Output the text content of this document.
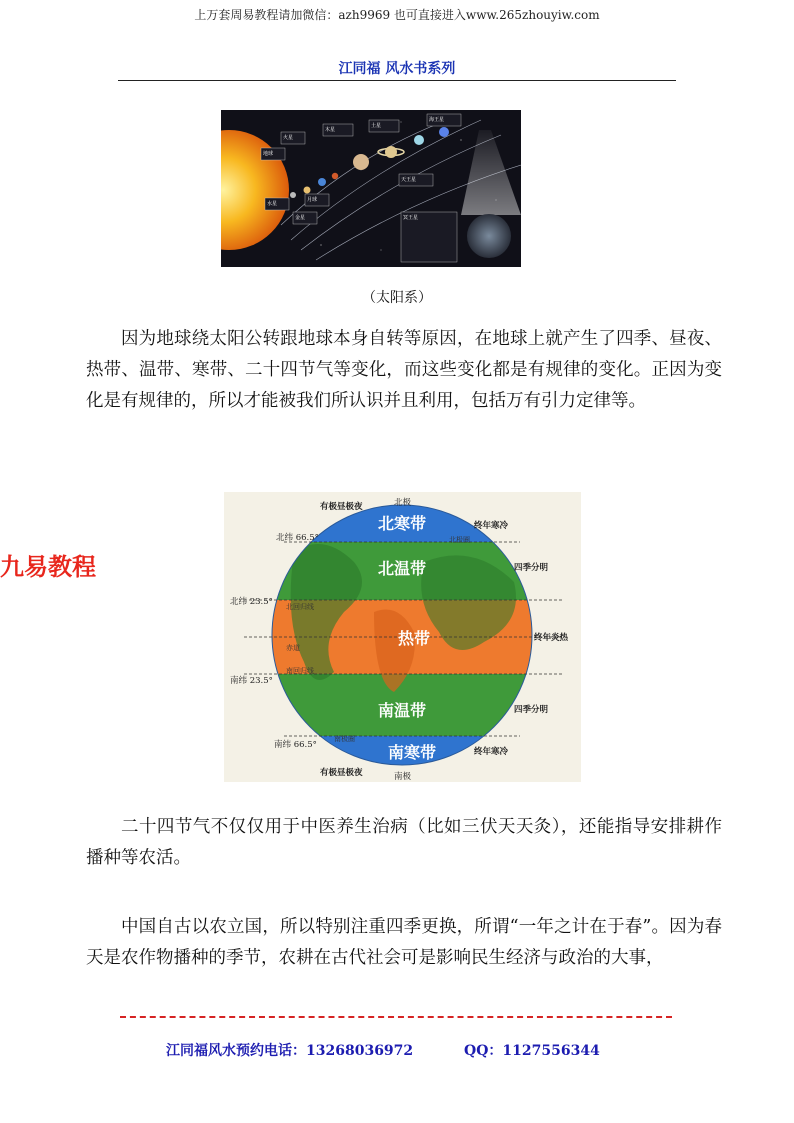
上万套周易教程请加微信：azh9969 也可直接进入www.265zhouyiw.com
江同福 风水书系列
地球
水星
金星
月球
火星
木星
土星
天王星
海王星
冥王星
（太阳系）

因为地球绕太阳公转跟地球本身自转等原因，在地球上就产生了四季、昼夜、热带、温带、寒带、二十四节气等变化，而这些变化都是有规律的变化。正因为变化是有规律的，所以才能被我们所认识并且利用，包括万有引力定律等。

北寒带
北温带
热带
南温带
南寒带
北纬 66.5°
北纬 23.5°
南纬 23.5°
南纬 66.5°
北极
南极
北极圈
北回归线
赤道
南回归线
南极圈
有极昼极夜
有极昼极夜
终年寒冷
四季分明
终年炎热
四季分明
终年寒冷
九易教程

二十四节气不仅仅用于中医养生治病（比如三伏天天灸），还能指导安排耕作播种等农活。

中国自古以农立国，所以特别注重四季更换，所谓“一年之计在于春”。因为春天是农作物播种的季节，农耕在古代社会可是影响民生经济与政治的大事，

江同福风水预约电话：13268036972	QQ：1127556344
